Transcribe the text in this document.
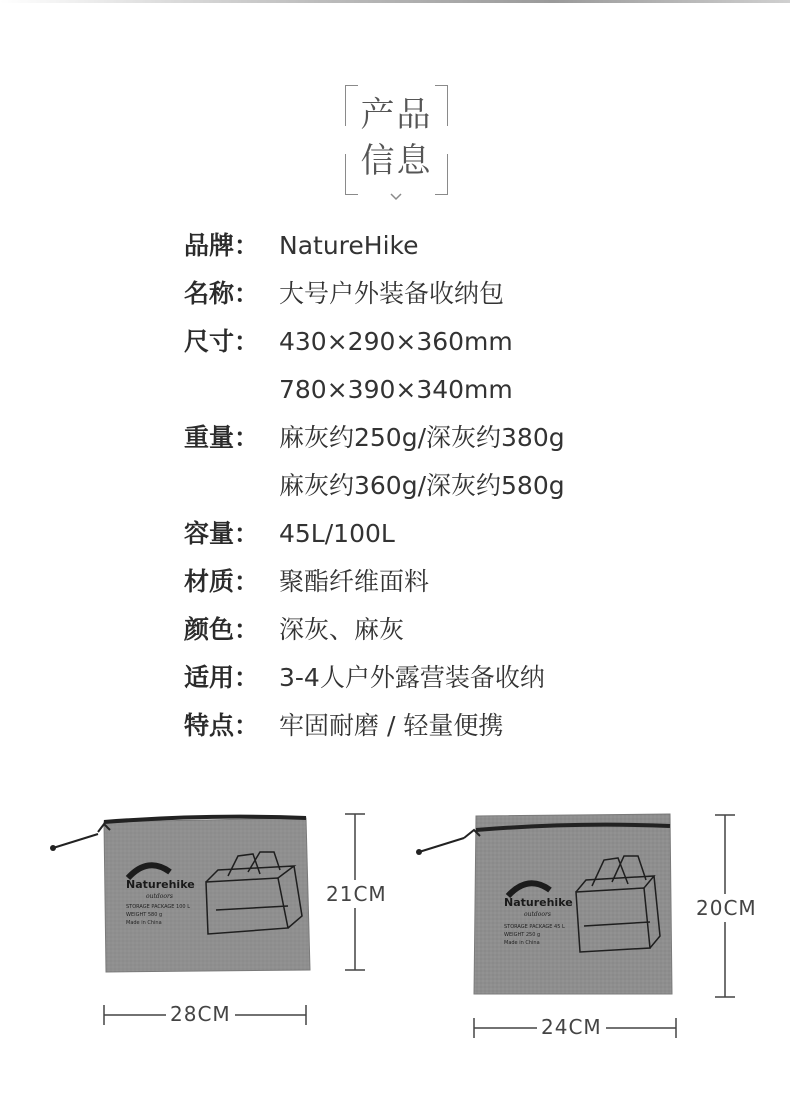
产品
信息
品牌： NatureHike
名称： 大号户外装备收纳包
尺寸： 430×290×360mm
780×390×340mm
重量： 麻灰约250g/深灰约380g
麻灰约360g/深灰约580g
容量： 45L/100L
材质： 聚酯纤维面料
颜色： 深灰、麻灰
适用： 3-4人户外露营装备收纳
特点： 牢固耐磨 / 轻量便携
Naturehike
outdoors
STORAGE PACKAGE 100 L
WEIGHT 580 g
Made in China
21CM
28CM
Naturehike
outdoors
STORAGE PACKAGE 45 L
WEIGHT 250 g
Made in China
20CM
24CM
